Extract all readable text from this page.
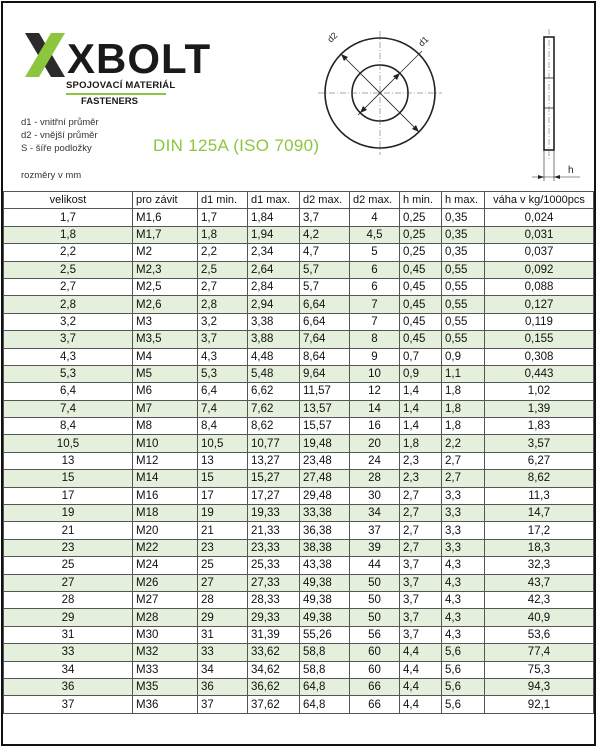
XBOLT
SPOJOVACÍ MATERIÁL
FASTENERS
d1 - vnitřní průměr
d2 - vnější průměr
S - šíře podložky
rozměry v mm
DIN 125A (ISO 7090)
d2	d1
h
velikost	pro závit	d1 min.	d1 max.	d2 max.	d2 max.	h min.	h max.	váha v kg/1000pcs
1,7	M1,6	1,7	1,84	3,7	4	0,25	0,35	0,024
1,8	M1,7	1,8	1,94	4,2	4,5	0,25	0,35	0,031
2,2	M2	2,2	2,34	4,7	5	0,25	0,35	0,037
2,5	M2,3	2,5	2,64	5,7	6	0,45	0,55	0,092
2,7	M2,5	2,7	2,84	5,7	6	0,45	0,55	0,088
2,8	M2,6	2,8	2,94	6,64	7	0,45	0,55	0,127
3,2	M3	3,2	3,38	6,64	7	0,45	0,55	0,119
3,7	M3,5	3,7	3,88	7,64	8	0,45	0,55	0,155
4,3	M4	4,3	4,48	8,64	9	0,7	0,9	0,308
5,3	M5	5,3	5,48	9,64	10	0,9	1,1	0,443
6,4	M6	6,4	6,62	11,57	12	1,4	1,8	1,02
7,4	M7	7,4	7,62	13,57	14	1,4	1,8	1,39
8,4	M8	8,4	8,62	15,57	16	1,4	1,8	1,83
10,5	M10	10,5	10,77	19,48	20	1,8	2,2	3,57
13	M12	13	13,27	23,48	24	2,3	2,7	6,27
15	M14	15	15,27	27,48	28	2,3	2,7	8,62
17	M16	17	17,27	29,48	30	2,7	3,3	11,3
19	M18	19	19,33	33,38	34	2,7	3,3	14,7
21	M20	21	21,33	36,38	37	2,7	3,3	17,2
23	M22	23	23,33	38,38	39	2,7	3,3	18,3
25	M24	25	25,33	43,38	44	3,7	4,3	32,3
27	M26	27	27,33	49,38	50	3,7	4,3	43,7
28	M27	28	28,33	49,38	50	3,7	4,3	42,3
29	M28	29	29,33	49,38	50	3,7	4,3	40,9
31	M30	31	31,39	55,26	56	3,7	4,3	53,6
33	M32	33	33,62	58,8	60	4,4	5,6	77,4
34	M33	34	34,62	58,8	60	4,4	5,6	75,3
36	M35	36	36,62	64,8	66	4,4	5,6	94,3
37	M36	37	37,62	64,8	66	4,4	5,6	92,1
